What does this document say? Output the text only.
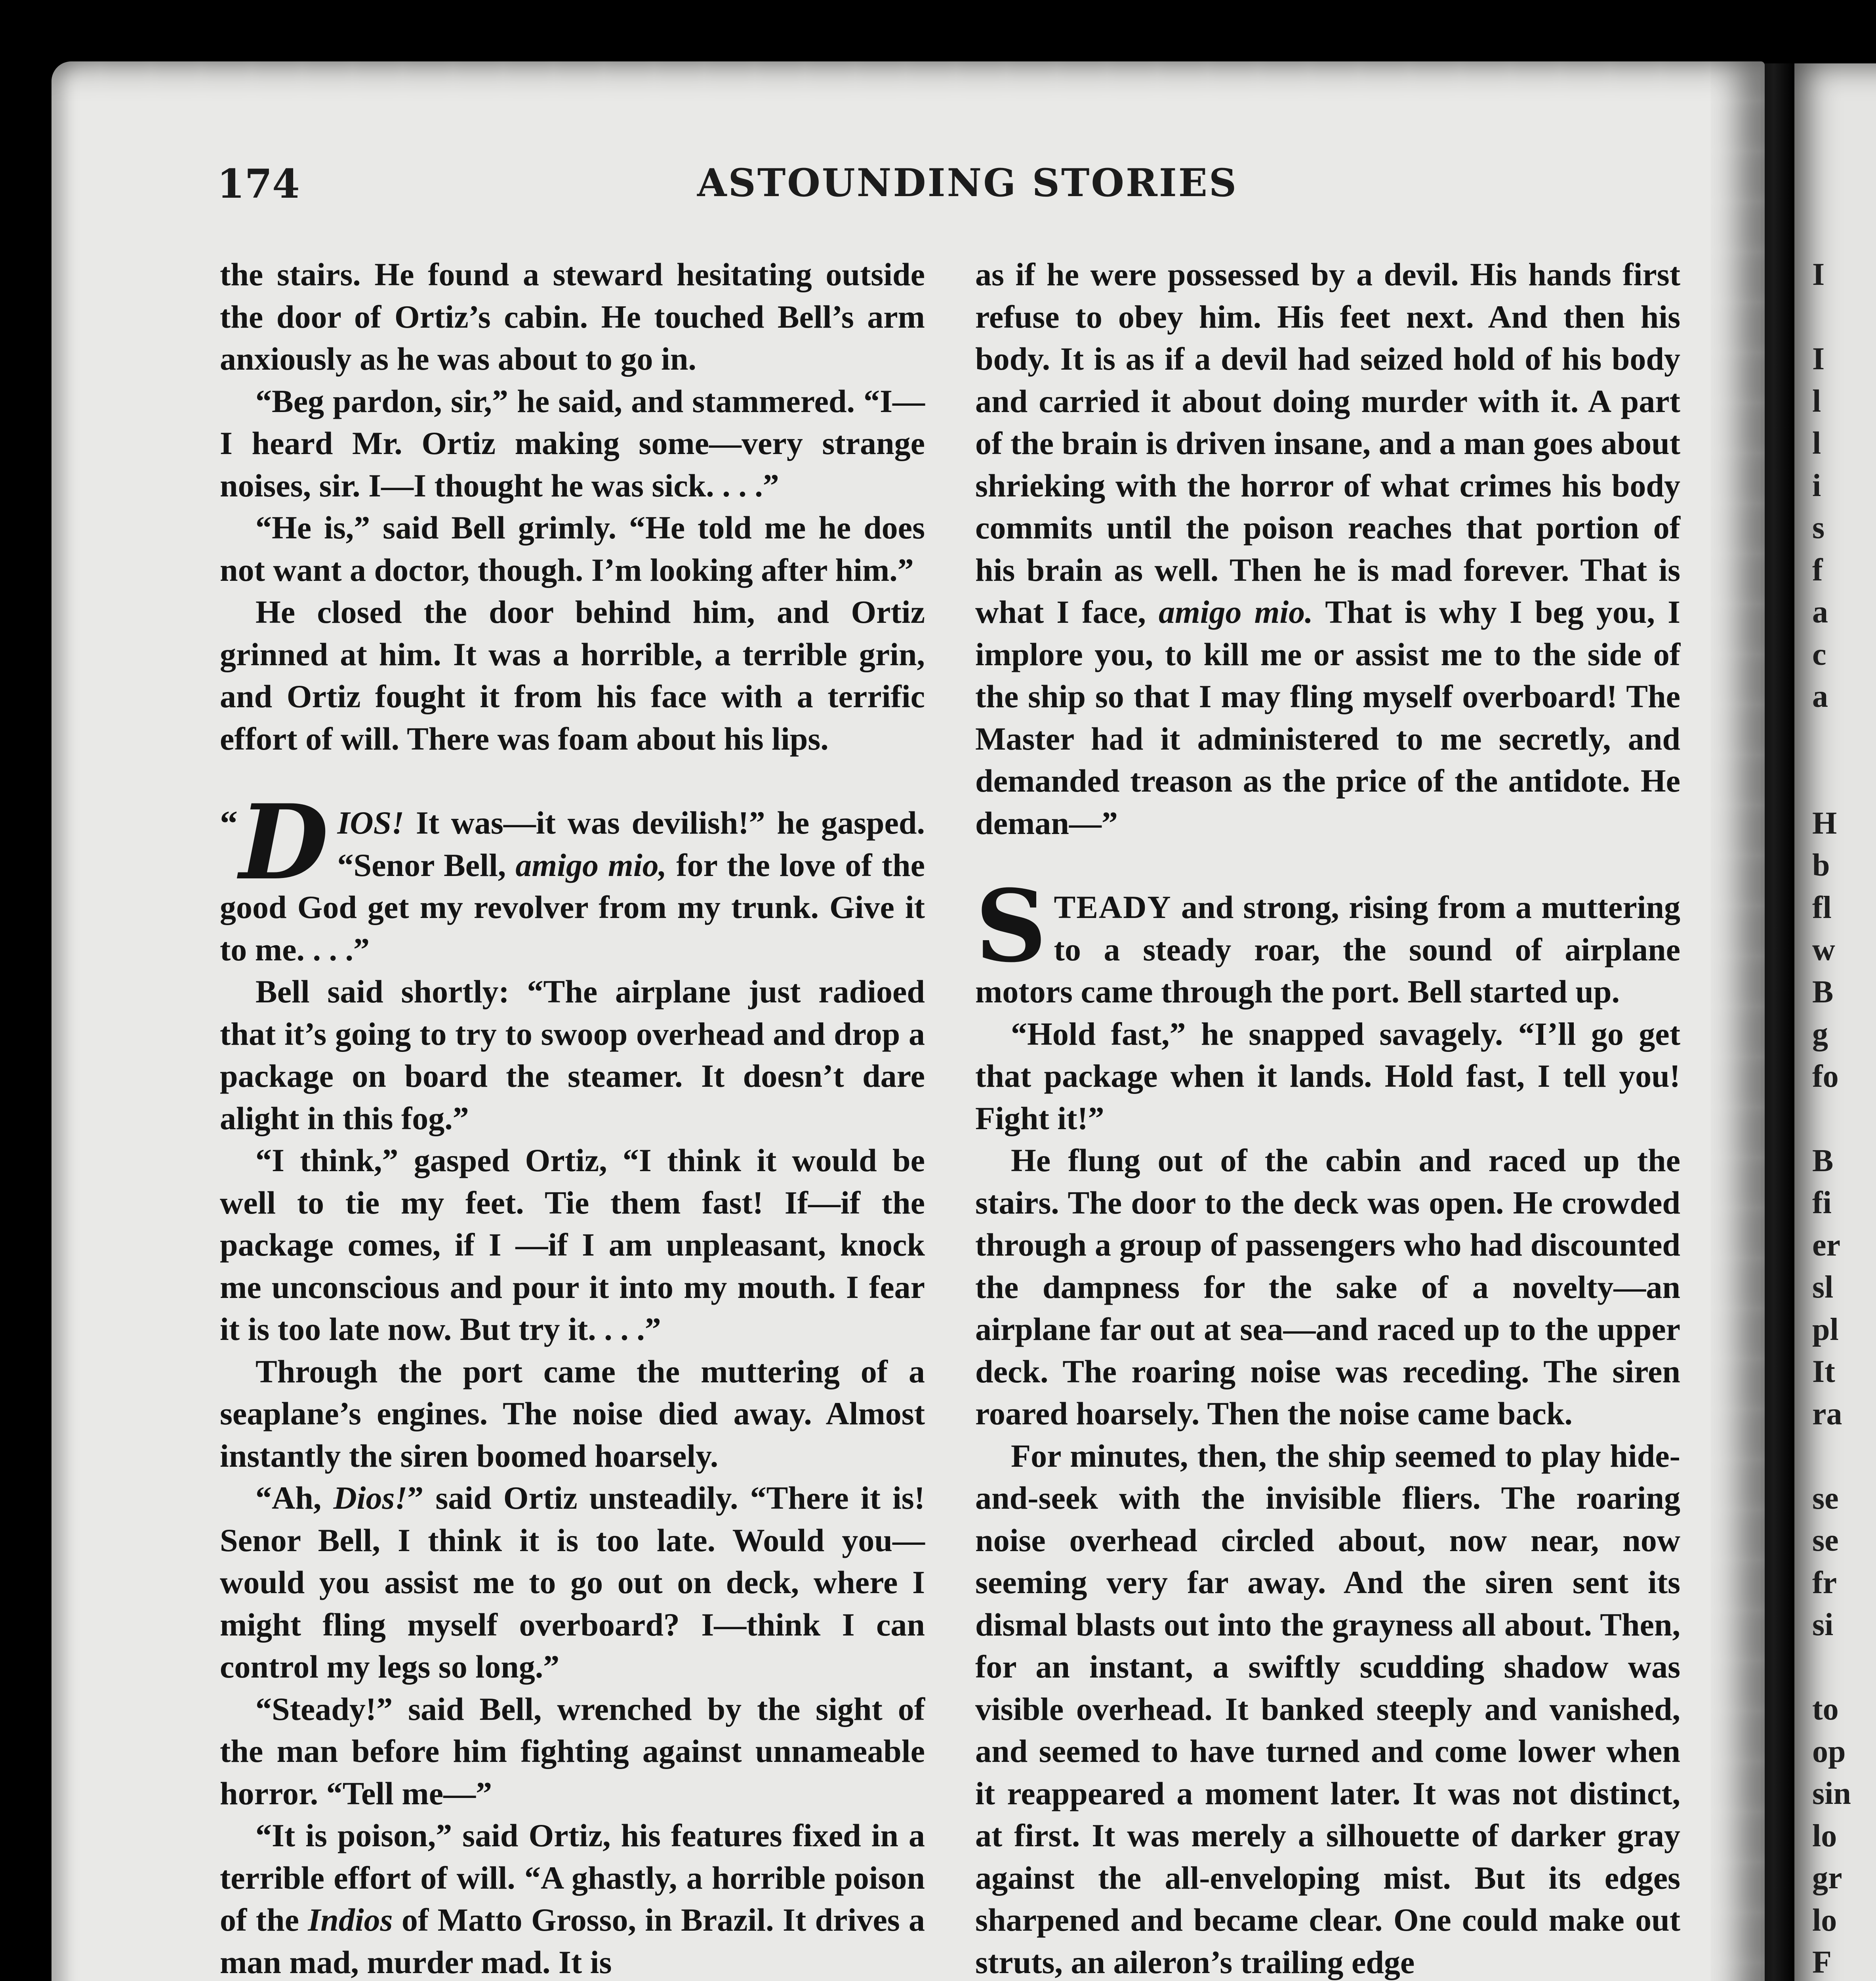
I

I
l
l
i
s
f
a
c
a

H
b
fl
w
B
g
fo

B
fi
er
sl
pl
It
ra

se
se
fr
si

to
op
sin
lo
gr
lo
F

174	ASTOUNDING STORIES

the stairs. He found a steward hesitating outside the door of Ortiz’s cabin. He touched Bell’s arm anxiously as he was about to go in.

“Beg pardon, sir,” he said, and stammered. “I—I heard Mr. Ortiz making some—very strange noises, sir. I—I thought he was sick. . . .”

“He is,” said Bell grimly. “He told me he does not want a doctor, though. I’m looking after him.”

He closed the door behind him, and Ortiz grinned at him. It was a horrible, a terrible grin, and Ortiz fought it from his face with a terrific effort of will. There was foam about his lips.

“ D IOS! It was—it was devilish!” he gasped. “Senor Bell, amigo mio, for the love of the good God get my revolver from my trunk. Give it to me. . . .”

Bell said shortly: “The airplane just radioed that it’s going to try to swoop overhead and drop a package on board the steamer. It doesn’t dare alight in this fog.”

“I think,” gasped Ortiz, “I think it would be well to tie my feet. Tie them fast! If—if the package comes, if I —if I am unpleasant, knock me unconscious and pour it into my mouth. I fear it is too late now. But try it. . . .”

Through the port came the muttering of a seaplane’s engines. The noise died away. Almost instantly the siren boomed hoarsely.

“Ah, Dios!” said Ortiz unsteadily. “There it is! Senor Bell, I think it is too late. Would you—would you assist me to go out on deck, where I might fling myself overboard? I—think I can control my legs so long.”

“Steady!” said Bell, wrenched by the sight of the man before him fighting against unnameable horror. “Tell me—”

“It is poison,” said Ortiz, his features fixed in a terrible effort of will. “A ghastly, a horrible poison of the Indios of Matto Grosso, in Brazil. It drives a man mad, murder mad. It is

as if he were possessed by a devil. His hands first refuse to obey him. His feet next. And then his body. It is as if a devil had seized hold of his body and carried it about doing murder with it. A part of the brain is driven insane, and a man goes about shrieking with the horror of what crimes his body commits until the poison reaches that portion of his brain as well. Then he is mad forever. That is what I face, amigo mio. That is why I beg you, I implore you, to kill me or assist me to the side of the ship so that I may fling myself overboard! The Master had it administered to me secretly, and demanded treason as the price of the antidote. He deman—”

STEADY and strong, rising from a muttering to a steady roar, the sound of airplane motors came through the port. Bell started up.

“Hold fast,” he snapped savagely. “I’ll go get that package when it lands. Hold fast, I tell you! Fight it!”

He flung out of the cabin and raced up the stairs. The door to the deck was open. He crowded through a group of passengers who had discounted the dampness for the sake of a novelty—an airplane far out at sea—and raced up to the upper deck. The roaring noise was receding. The siren roared hoarsely. Then the noise came back.

For minutes, then, the ship seemed to play hide-and-seek with the invisible fliers. The roaring noise overhead circled about, now near, now seeming very far away. And the siren sent its dismal blasts out into the grayness all about. Then, for an instant, a swiftly scudding shadow was visible overhead. It banked steeply and vanished, and seemed to have turned and come lower when it reappeared a moment later. It was not distinct, at first. It was merely a silhouette of darker gray against the all-enveloping mist. But its edges sharpened and became clear. One could make out struts, an aileron’s trailing edge
